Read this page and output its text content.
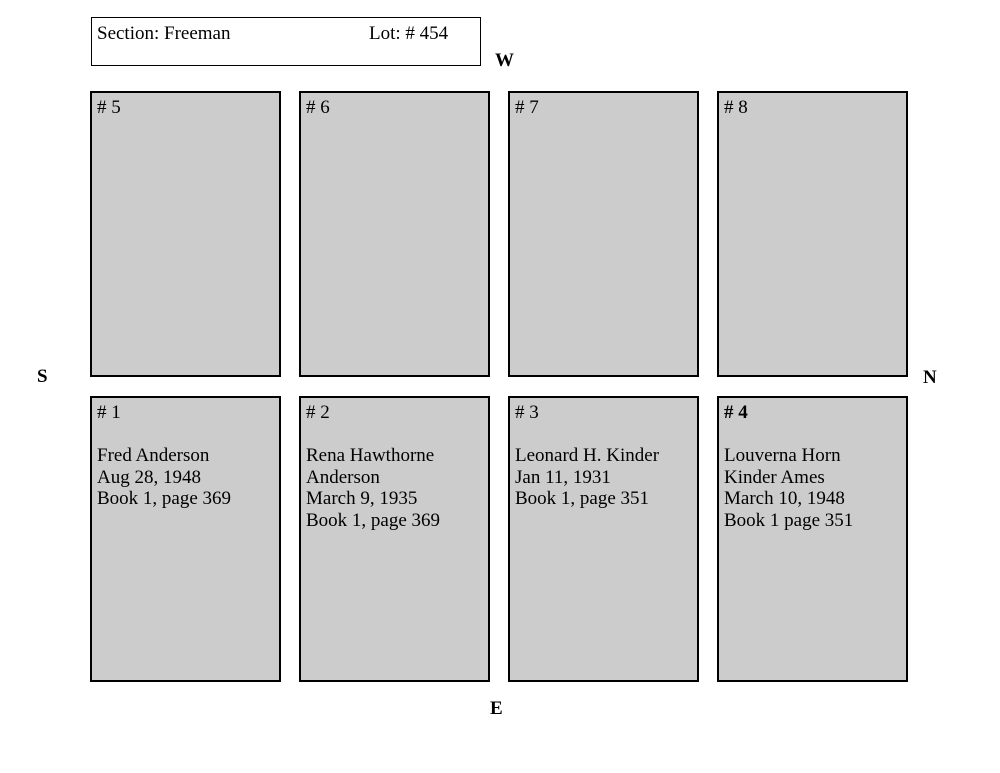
Section: Freeman	Lot: # 454
W
S	N
E
# 5	# 6	# 7	# 8
# 1
Fred Anderson
Aug 28, 1948
Book 1, page 369
# 2
Rena Hawthorne
Anderson
March 9, 1935
Book 1, page 369
# 3
Leonard H. Kinder
Jan 11, 1931
Book 1, page 351
# 4
Louverna Horn
Kinder Ames
March 10, 1948
Book 1 page 351
